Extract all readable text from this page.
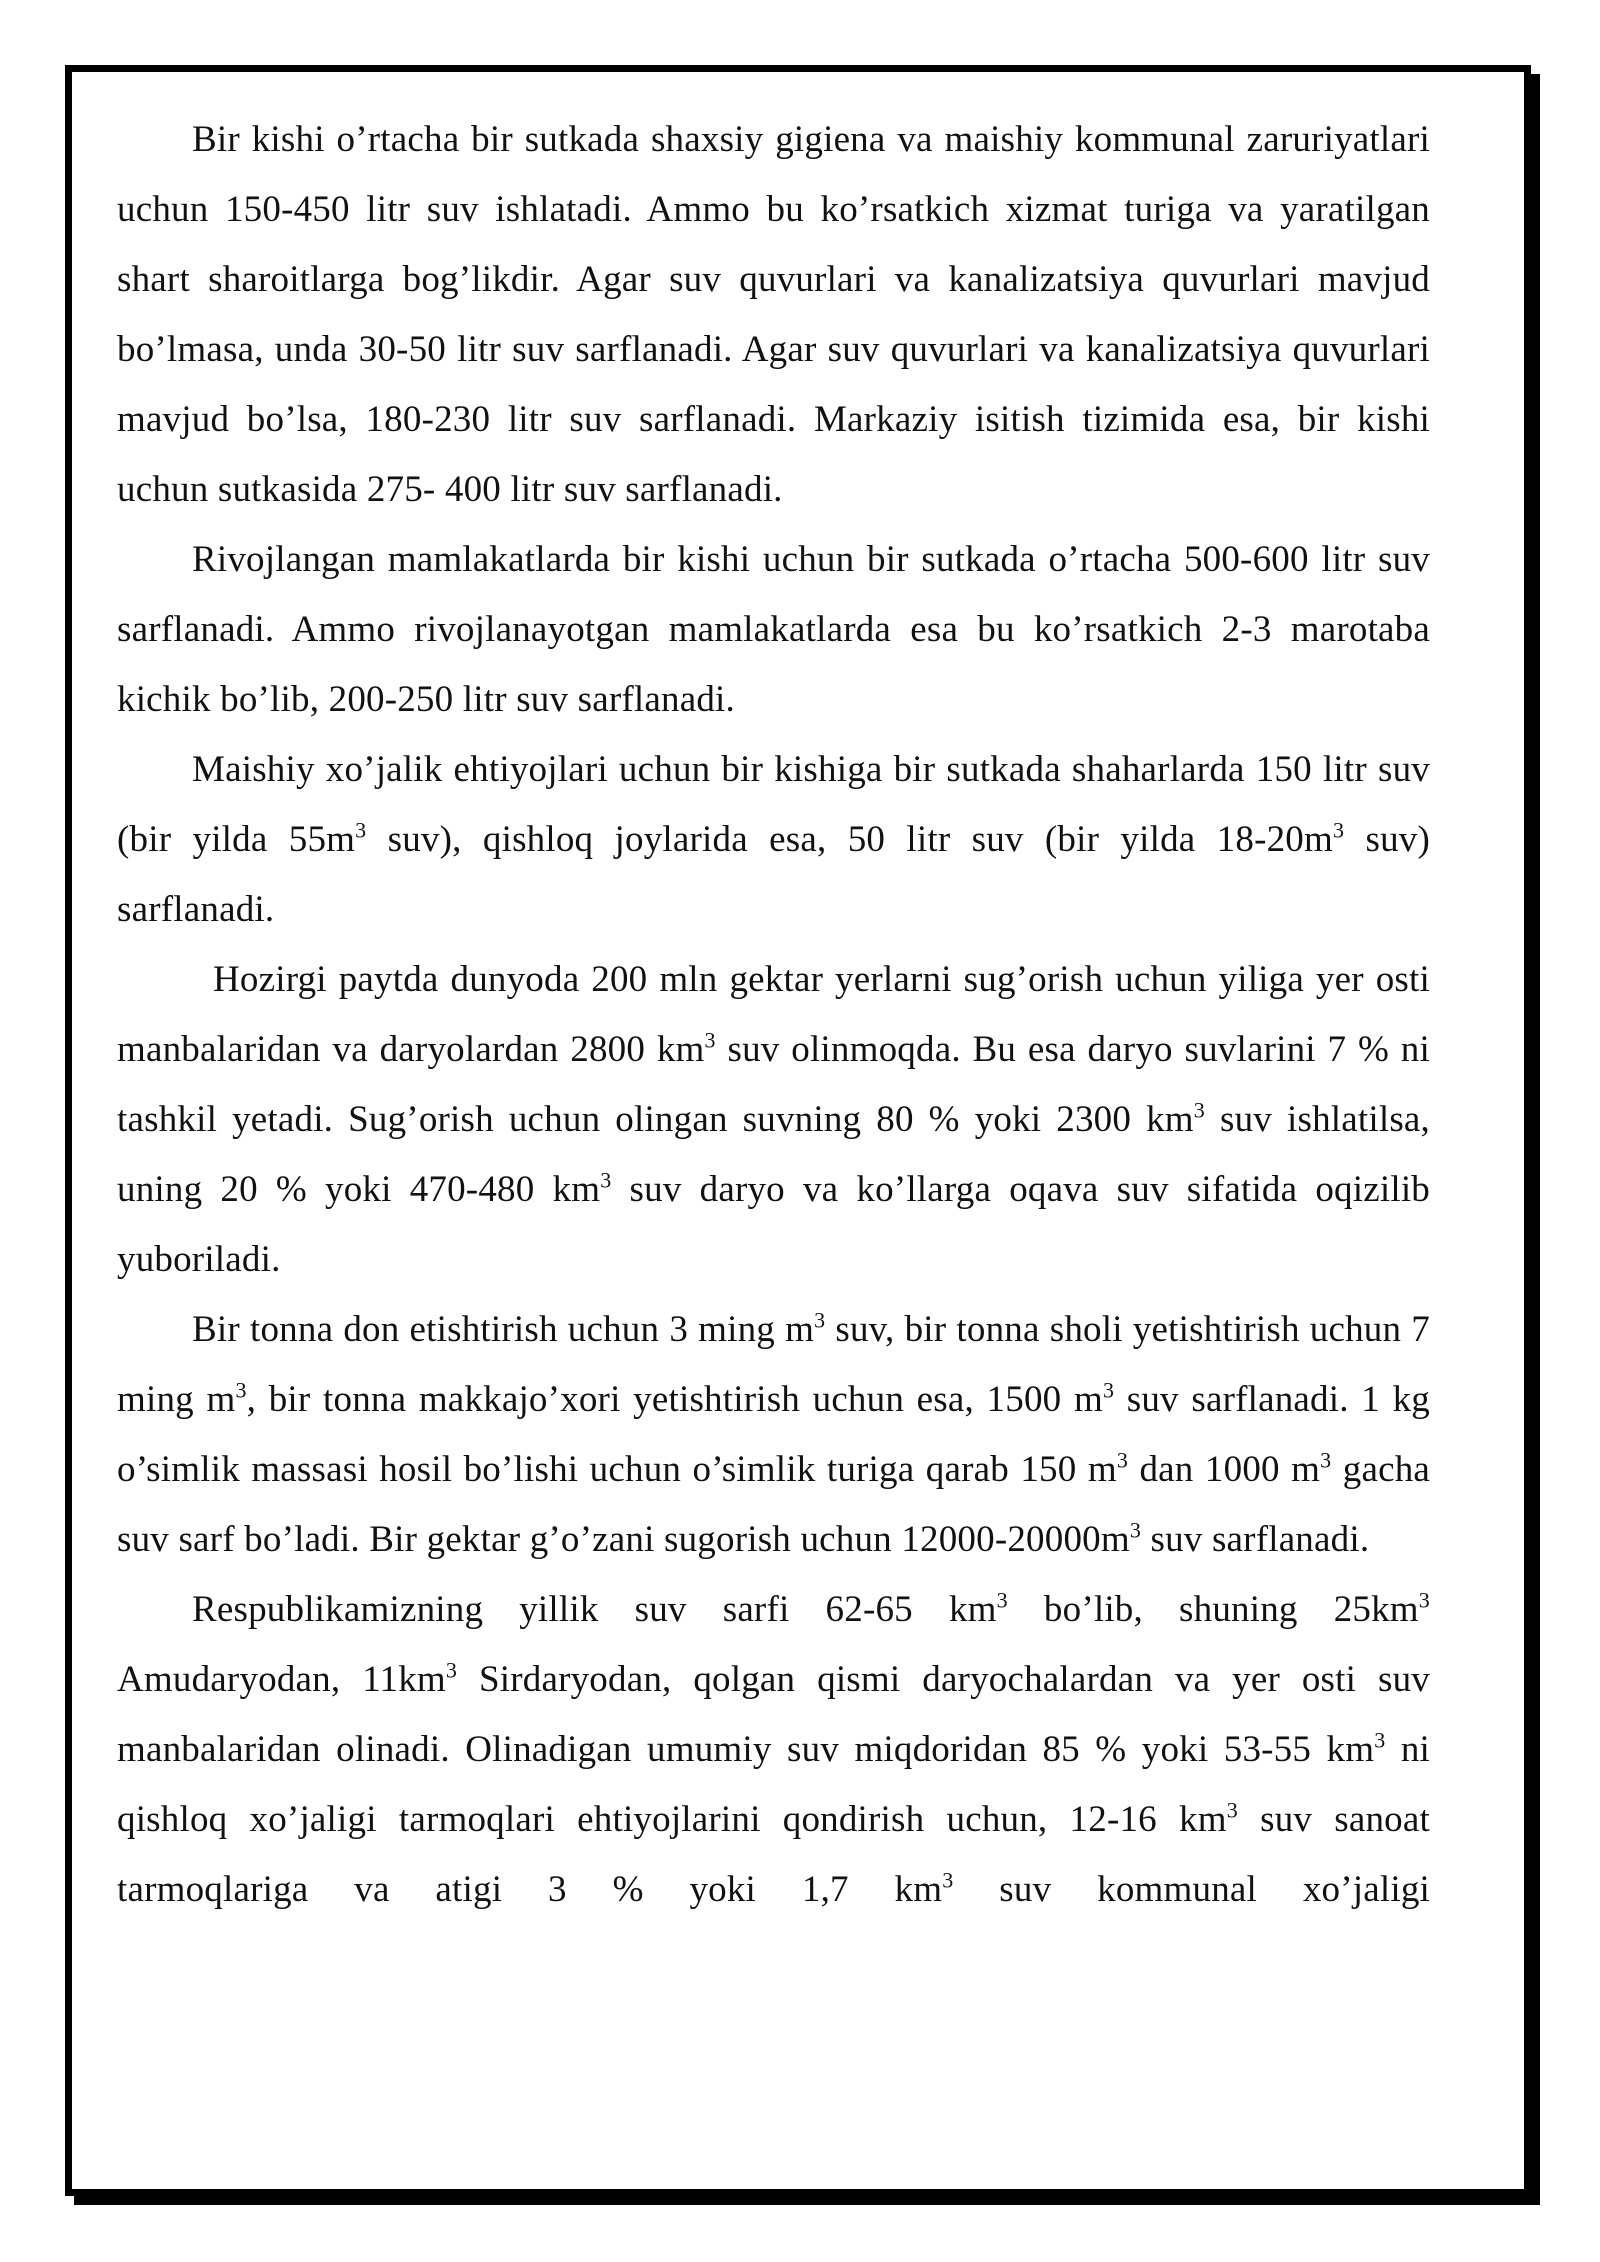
Bir kishi o’rtacha bir sutkada shaxsiy gigiena va maishiy kommunal zaruriyatlari uchun 150-450 litr suv ishlatadi. Ammo bu ko’rsatkich xizmat turiga va yaratilgan shart sharoitlarga bog’likdir. Agar suv quvurlari va kanalizatsiya quvurlari mavjud bo’lmasa, unda 30-50 litr suv sarflanadi. Agar suv quvurlari va kanalizatsiya quvurlari mavjud bo’lsa, 180-230 litr suv sarflanadi. Markaziy isitish tizimida esa, bir kishi uchun sutkasida 275- 400 litr suv sarflanadi.

Rivojlangan mamlakatlarda bir kishi uchun bir sutkada o’rtacha 500-600 litr suv sarflanadi. Ammo rivojlanayotgan mamlakatlarda esa bu ko’rsatkich 2-3 marotaba kichik bo’lib, 200-250 litr suv sarflanadi.

Maishiy xo’jalik ehtiyojlari uchun bir kishiga bir sutkada shaharlarda 150 litr suv (bir yilda $55m^3$ suv), qishloq joylarida esa, 50 litr suv (bir yilda $18-20m^3$ suv) sarflanadi.

Hozirgi paytda dunyoda 200 mln gektar yerlarni sug’orish uchun yiliga yer osti manbalaridan va daryolardan 2800 $km^3$ suv olinmoqda. Bu esa daryo suvlarini 7 % ni tashkil yetadi. Sug’orish uchun olingan suvning 80 % yoki 2300 $km^3$ suv ishlatilsa, uning 20 % yoki 470-480 $km^3$ suv daryo va ko’llarga oqava suv sifatida oqizilib yuboriladi.

Bir tonna don etishtirish uchun 3 ming $m^3$ suv, bir tonna sholi yetishtirish uchun 7 ming $m^3$, bir tonna makkajo’xori yetishtirish uchun esa, 1500 $m^3$ suv sarflanadi. 1 kg o’simlik massasi hosil bo’lishi uchun o’simlik turiga qarab 150 $m^3$ dan 1000 $m^3$ gacha suv sarf bo’ladi. Bir gektar g’o’zani sugorish uchun $12000-20000m^3$ suv sarflanadi.

Respublikamizning yillik suv sarfi 62-65 $km^3$ bo’lib, shuning $25km^3$ Amudaryodan, $11km^3$ Sirdaryodan, qolgan qismi daryochalardan va yer osti suv manbalaridan olinadi. Olinadigan umumiy suv miqdoridan 85 % yoki 53-55 $km^3$ ni qishloq xo’jaligi tarmoqlari ehtiyojlarini qondirish uchun, 12-16 $km^3$ suv sanoat tarmoqlariga va atigi 3 % yoki 1,7 $km^3$ suv kommunal xo’jaligi
